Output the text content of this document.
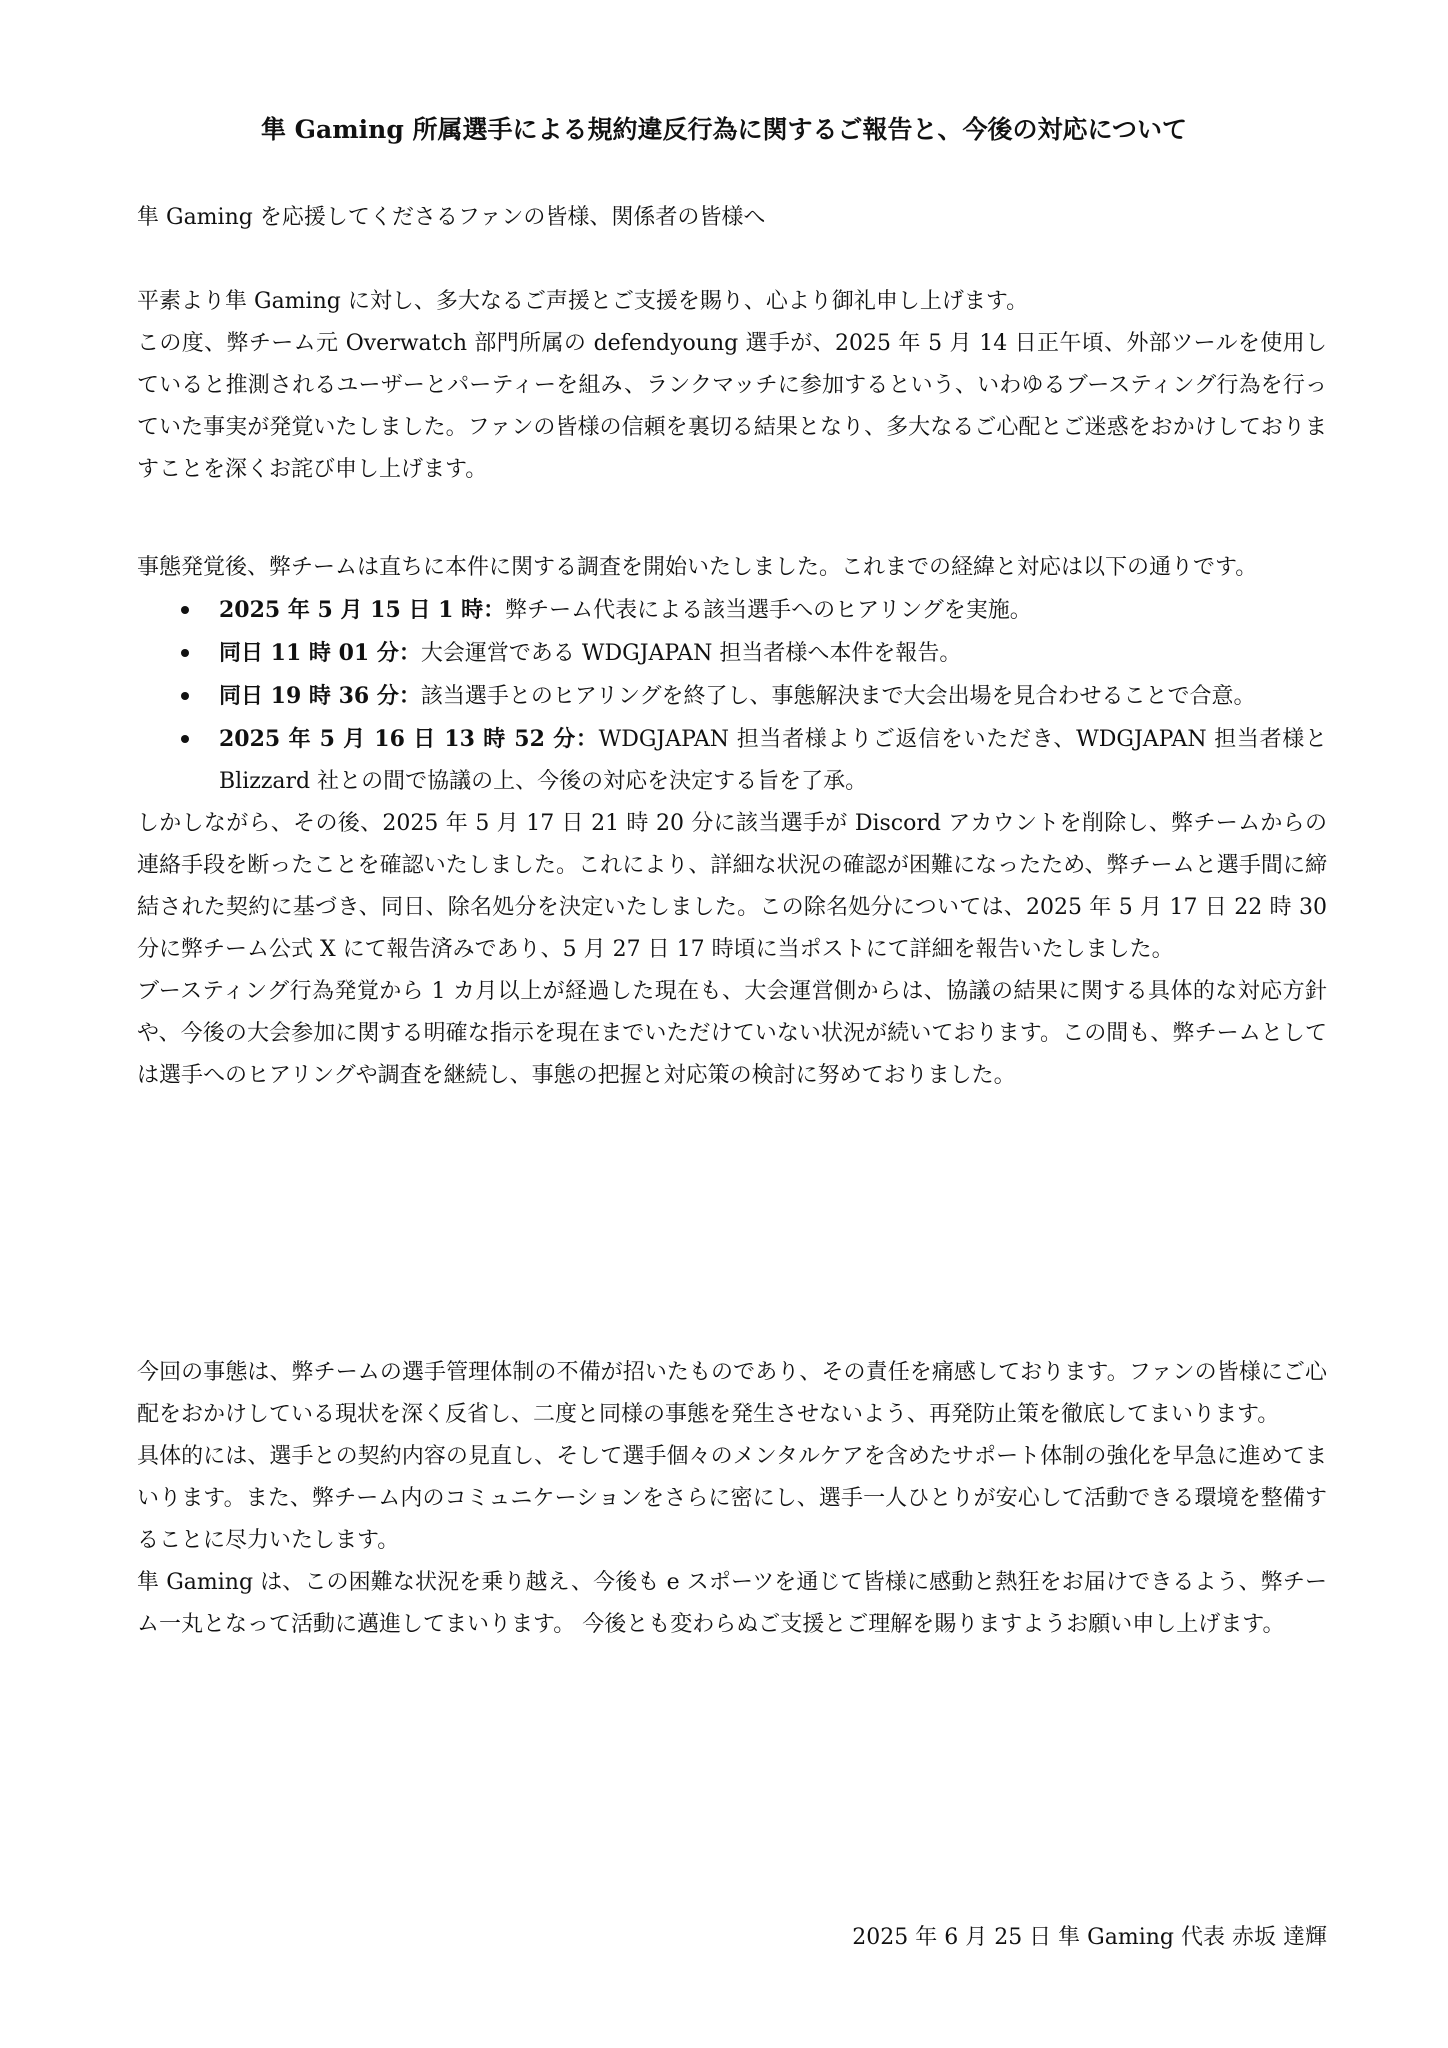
隼 Gaming 所属選手による規約違反行為に関するご報告と、今後の対応について

隼 Gaming を応援してくださるファンの皆様、関係者の皆様へ

平素より隼 Gaming に対し、多大なるご声援とご支援を賜り、心より御礼申し上げます。

この度、弊チーム元 Overwatch 部門所属の defendyoung 選手が、2025 年 5 月 14 日正午頃、外部ツールを使用していると推測されるユーザーとパーティーを組み、ランクマッチに参加するという、いわゆるブースティング行為を行っていた事実が発覚いたしました。ファンの皆様の信頼を裏切る結果となり、多大なるご心配とご迷惑をおかけしておりますことを深くお詫び申し上げます。

事態発覚後、弊チームは直ちに本件に関する調査を開始いたしました。これまでの経緯と対応は以下の通りです。

2025 年 5 月 15 日 1 時：弊チーム代表による該当選手へのヒアリングを実施。
同日 11 時 01 分：大会運営である WDGJAPAN 担当者様へ本件を報告。
同日 19 時 36 分：該当選手とのヒアリングを終了し、事態解決まで大会出場を見合わせることで合意。
2025 年 5 月 16 日 13 時 52 分：WDGJAPAN 担当者様よりご返信をいただき、WDGJAPAN 担当者様と Blizzard 社との間で協議の上、今後の対応を決定する旨を了承。

しかしながら、その後、2025 年 5 月 17 日 21 時 20 分に該当選手が Discord アカウントを削除し、弊チームからの連絡手段を断ったことを確認いたしました。これにより、詳細な状況の確認が困難になったため、弊チームと選手間に締結された契約に基づき、同日、除名処分を決定いたしました。この除名処分については、2025 年 5 月 17 日 22 時 30 分に弊チーム公式 X にて報告済みであり、5 月 27 日 17 時頃に当ポストにて詳細を報告いたしました。

ブースティング行為発覚から 1 カ月以上が経過した現在も、大会運営側からは、協議の結果に関する具体的な対応方針や、今後の大会参加に関する明確な指示を現在までいただけていない状況が続いております。この間も、弊チームとしては選手へのヒアリングや調査を継続し、事態の把握と対応策の検討に努めておりました。

今回の事態は、弊チームの選手管理体制の不備が招いたものであり、その責任を痛感しております。ファンの皆様にご心配をおかけしている現状を深く反省し、二度と同様の事態を発生させないよう、再発防止策を徹底してまいります。

具体的には、選手との契約内容の見直し、そして選手個々のメンタルケアを含めたサポート体制の強化を早急に進めてまいります。また、弊チーム内のコミュニケーションをさらに密にし、選手一人ひとりが安心して活動できる環境を整備することに尽力いたします。

隼 Gaming は、この困難な状況を乗り越え、今後も e スポーツを通じて皆様に感動と熱狂をお届けできるよう、弊チーム一丸となって活動に邁進してまいります。 今後とも変わらぬご支援とご理解を賜りますようお願い申し上げます。

2025 年 6 月 25 日 隼 Gaming 代表 赤坂 達輝
